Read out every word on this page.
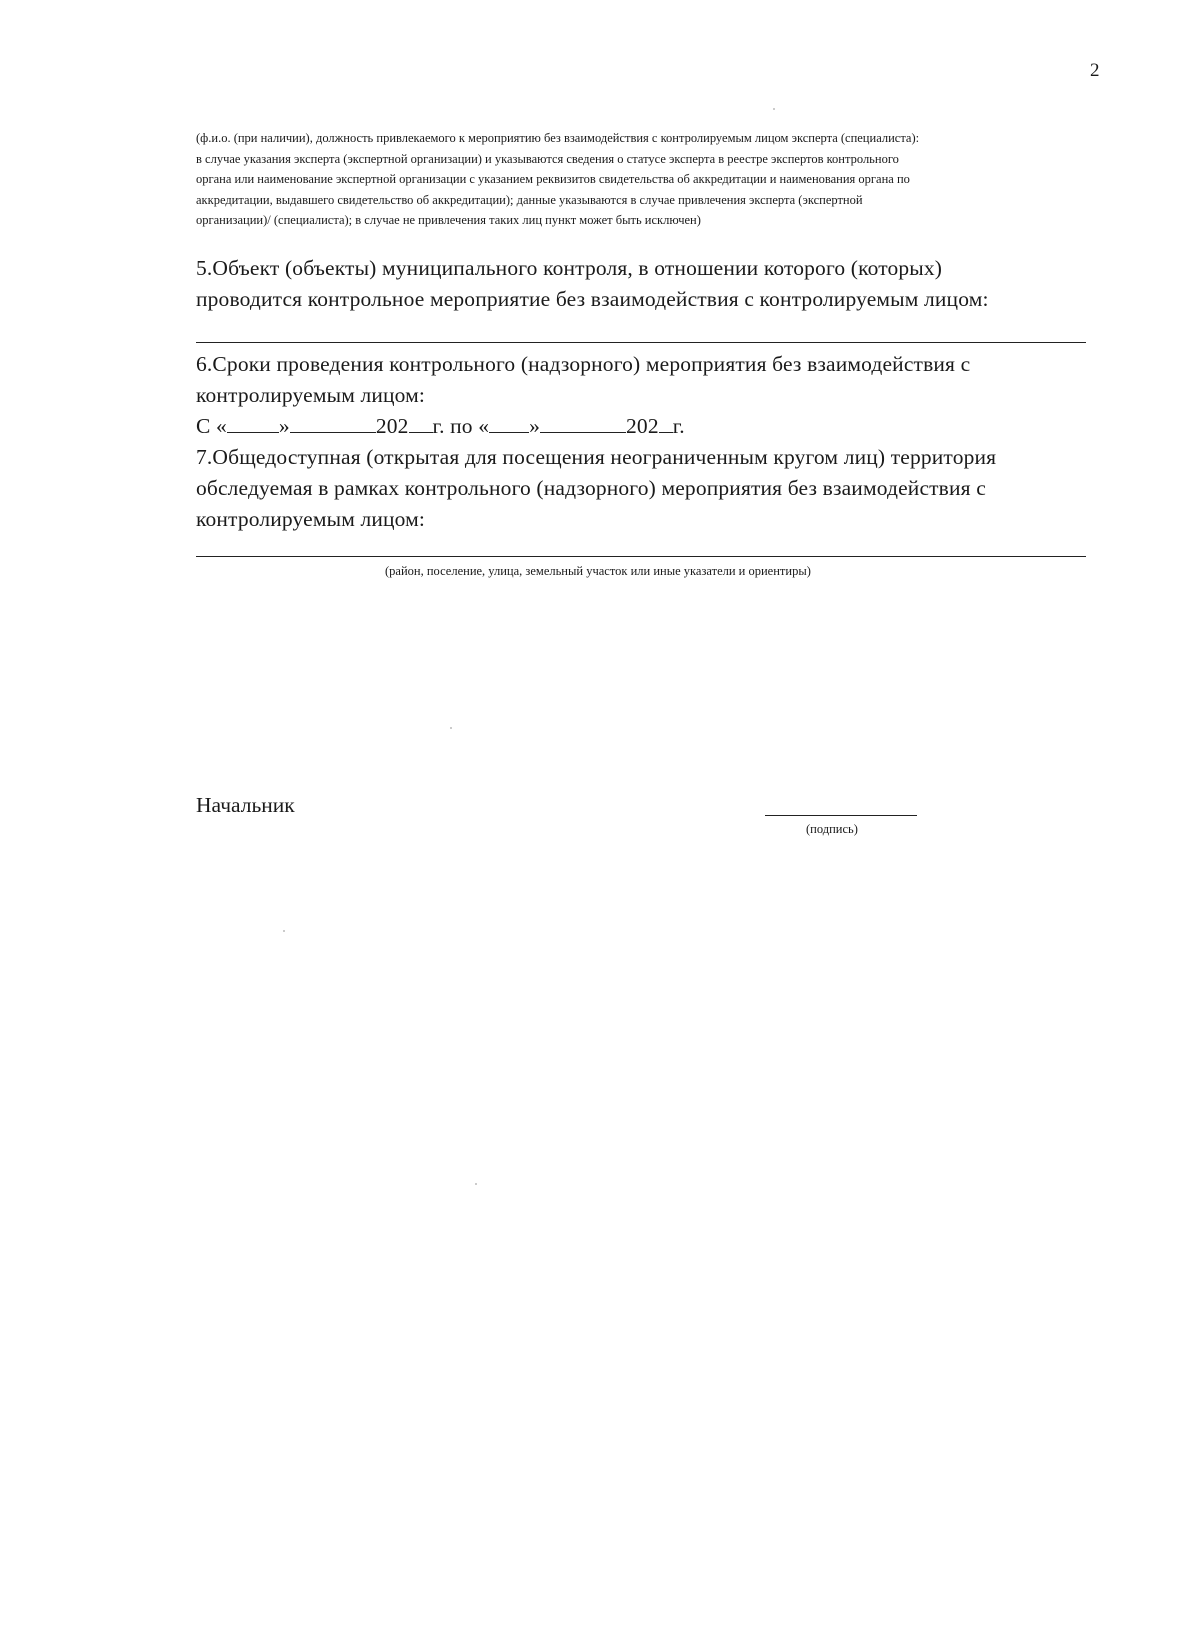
2
(ф.и.о. (при наличии), должность привлекаемого к мероприятию без взаимодействия с контролируемым лицом эксперта (специалиста):
в случае указания эксперта (экспертной организации) и указываются сведения о статусе эксперта в реестре экспертов контрольного
органа или наименование экспертной организации с указанием реквизитов свидетельства об аккредитации и наименования органа по
аккредитации, выдавшего свидетельство об аккредитации); данные указываются в случае привлечения эксперта (экспертной
организации)/ (специалиста); в случае не привлечения таких лиц пункт может быть исключен)
5.Объект (объекты) муниципального контроля, в отношении которого (которых)
проводится контрольное мероприятие без взаимодействия с контролируемым лицом:
6.Сроки проведения контрольного (надзорного) мероприятия без взаимодействия с
контролируемым лицом:
С « »	202 г. по « »	202 г.
7.Общедоступная (открытая для посещения неограниченным кругом лиц) территория
обследуемая в рамках контрольного (надзорного) мероприятия без взаимодействия с
контролируемым лицом:
(район, поселение, улица, земельный участок или иные указатели и ориентиры)
Начальник
(подпись)
